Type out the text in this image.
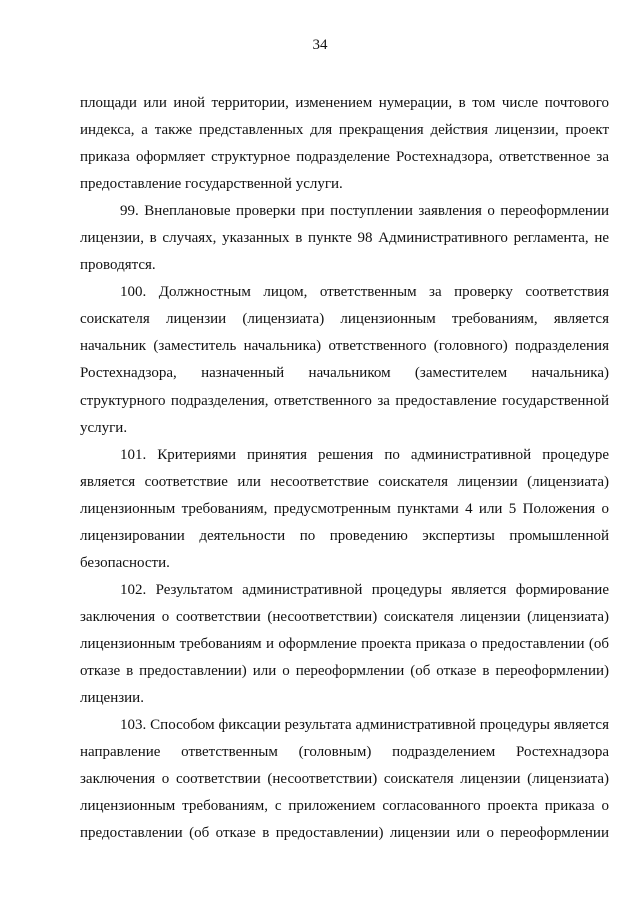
34

площади или иной территории, изменением нумерации, в том числе почтового индекса, а также представленных для прекращения действия лицензии, проект приказа оформляет структурное подразделение Ростехнадзора, ответственное за предоставление государственной услуги.

99. Внеплановые проверки при поступлении заявления о переоформлении лицензии, в случаях, указанных в пункте 98 Административного регламента, не проводятся.

100. Должностным лицом, ответственным за проверку соответствия соискателя лицензии (лицензиата) лицензионным требованиям, является начальник (заместитель начальника) ответственного (головного) подразделения Ростехнадзора, назначенный начальником (заместителем начальника) структурного подразделения, ответственного за предоставление государственной услуги.

101. Критериями принятия решения по административной процедуре является соответствие или несоответствие соискателя лицензии (лицензиата) лицензионным требованиям, предусмотренным пунктами 4 или 5 Положения о лицензировании деятельности по проведению экспертизы промышленной безопасности.

102. Результатом административной процедуры является формирование заключения о соответствии (несоответствии) соискателя лицензии (лицензиата) лицензионным требованиям и оформление проекта приказа о предоставлении (об отказе в предоставлении) или о переоформлении (об отказе в переоформлении) лицензии.

103. Способом фиксации результата административной процедуры является направление ответственным (головным) подразделением Ростехнадзора заключения о соответствии (несоответствии) соискателя лицензии (лицензиата) лицензионным требованиям, с приложением согласованного проекта приказа о предоставлении (об отказе в предоставлении) лицензии или о переоформлении
